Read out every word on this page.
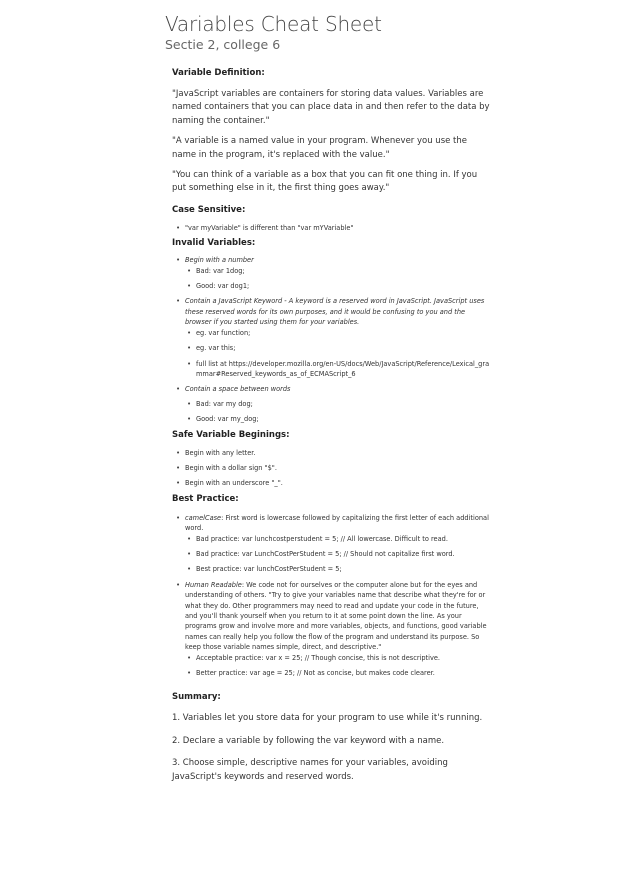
Variables Cheat Sheet
Sectie 2, college 6
Variable Definition:

"JavaScript variables are containers for storing data values. Variables are named containers that you can place data in and then refer to the data by naming the container."

"A variable is a named value in your program. Whenever you use the name in the program, it's replaced with the value."

"You can think of a variable as a box that you can fit one thing in. If you put something else in it, the first thing goes away."

Case Sensitive:
• "var myVariable" is different than "var mYVariable"
Invalid Variables:
• Begin with a number
• Bad: var 1dog;
• Good: var dog1;
• Contain a JavaScript Keyword - A keyword is a reserved word in JavaScript. JavaScript uses these reserved words for its own purposes, and it would be confusing to you and the browser if you started using them for your variables.
• eg. var function;
• eg. var this;
• full list at https://developer.mozilla.org/en-US/docs/Web/JavaScript/Reference/Lexical_grammar#Reserved_keywords_as_of_ECMAScript_6
• Contain a space between words
• Bad: var my dog;
• Good: var my_dog;
Safe Variable Beginings:
• Begin with any letter.
• Begin with a dollar sign "$".
• Begin with an underscore "_".
Best Practice:
• camelCase: First word is lowercase followed by capitalizing the first letter of each additional word.
• Bad practice: var lunchcostperstudent = 5; // All lowercase. Difficult to read.
• Bad practice: var LunchCostPerStudent = 5; // Should not capitalize first word.
• Best practice: var lunchCostPerStudent = 5;
• Human Readable: We code not for ourselves or the computer alone but for the eyes and understanding of others. "Try to give your variables name that describe what they're for or what they do. Other programmers may need to read and update your code in the future, and you'll thank yourself when you return to it at some point down the line. As your programs grow and involve more and more variables, objects, and functions, good variable names can really help you follow the flow of the program and understand its purpose. So keep those variable names simple, direct, and descriptive."
• Acceptable practice: var x = 25; // Though concise, this is not descriptive.
• Better practice: var age = 25; // Not as concise, but makes code clearer.
Summary:

1. Variables let you store data for your program to use while it's running.

2. Declare a variable by following the var keyword with a name.

3. Choose simple, descriptive names for your variables, avoiding JavaScript's keywords and reserved words.
